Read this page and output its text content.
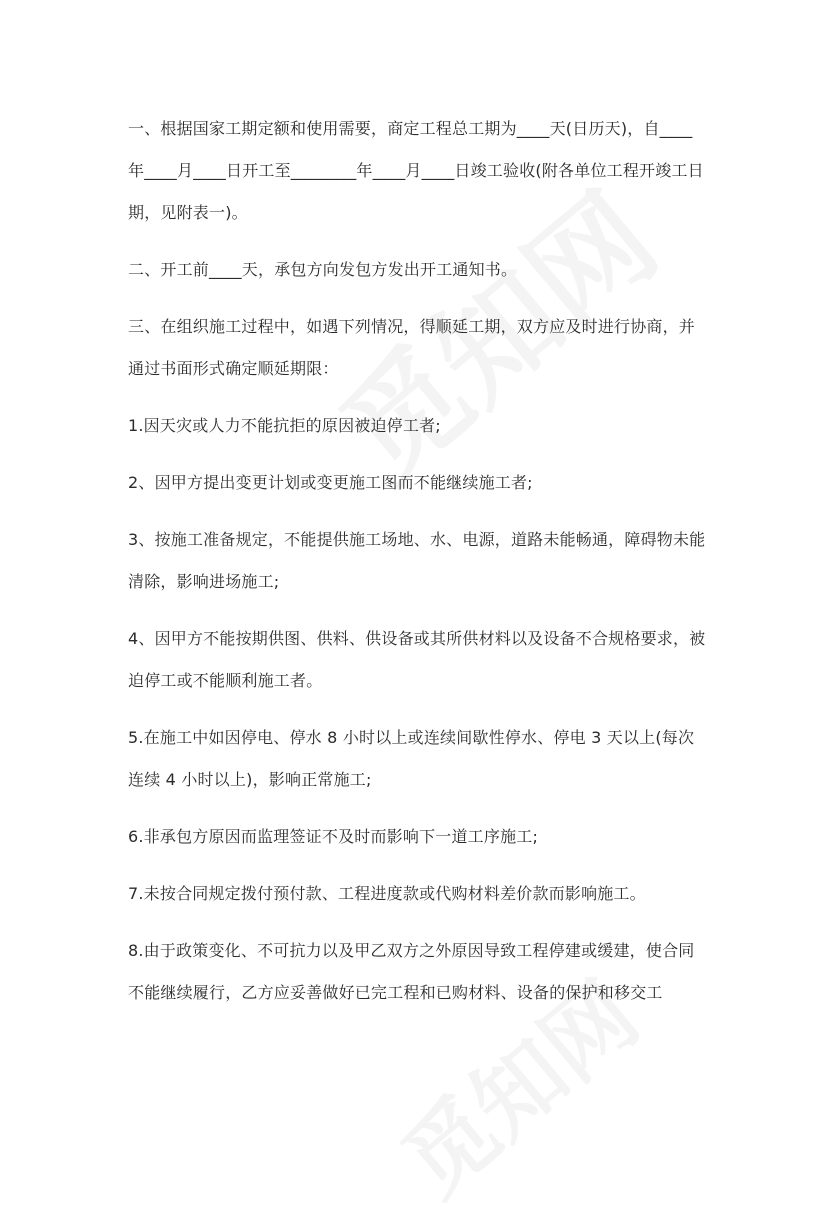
一、根据国家工期定额和使用需要，商定工程总工期为____天(日历天)，自____ 年____月____日开工至________年____月____日竣工验收(附各单位工程开竣工日期，见附表一)。

二、开工前____天，承包方向发包方发出开工通知书。

三、在组织施工过程中，如遇下列情况，得顺延工期，双方应及时进行协商，并通过书面形式确定顺延期限：

1.因天灾或人力不能抗拒的原因被迫停工者;

2、因甲方提出变更计划或变更施工图而不能继续施工者;

3、按施工准备规定，不能提供施工场地、水、电源，道路未能畅通，障碍物未能清除，影响进场施工;

4、因甲方不能按期供图、供料、供设备或其所供材料以及设备不合规格要求，被迫停工或不能顺利施工者。

5.在施工中如因停电、停水 8 小时以上或连续间歇性停水、停电 3 天以上(每次连续 4 小时以上)，影响正常施工;

6.非承包方原因而监理签证不及时而影响下一道工序施工;

7.未按合同规定拨付预付款、工程进度款或代购材料差价款而影响施工。

8.由于政策变化、不可抗力以及甲乙双方之外原因导致工程停建或缓建，使合同不能继续履行，乙方应妥善做好已完工程和已购材料、设备的保护和移交工
